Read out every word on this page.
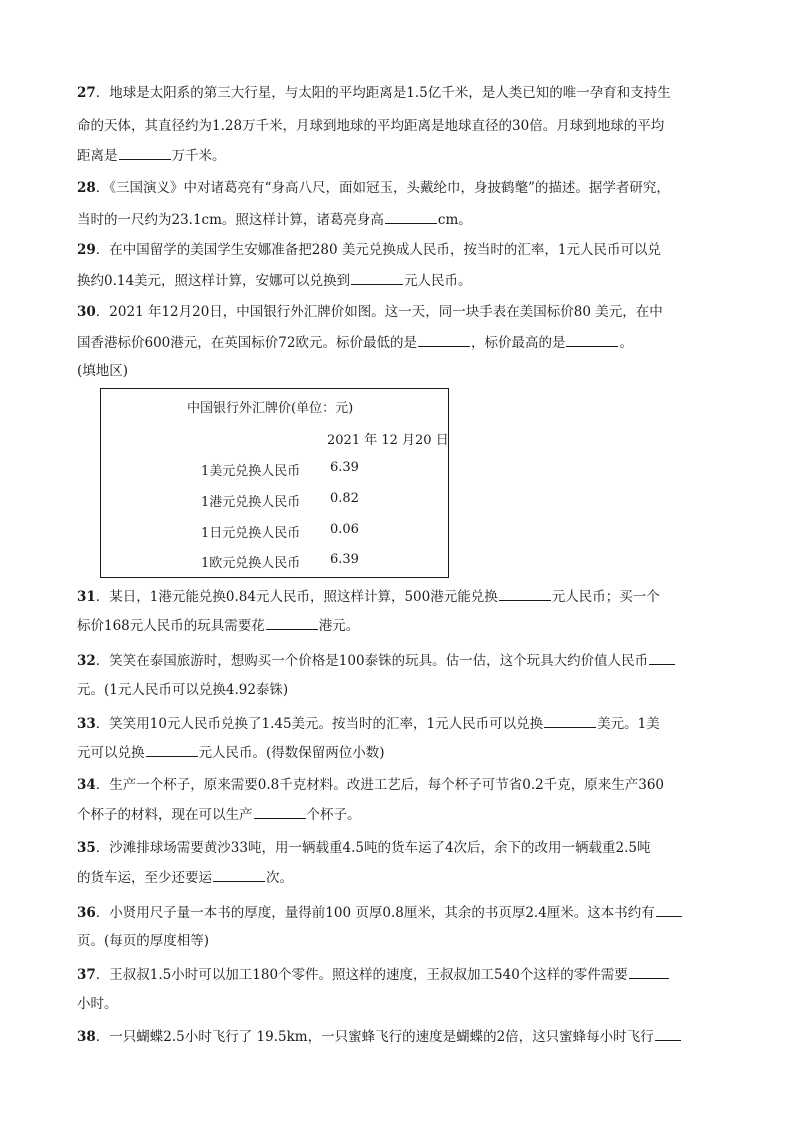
27．地球是太阳系的第三大行星，与太阳的平均距离是1.5亿千米，是人类已知的唯一孕育和支持生
命的天体，其直径约为1.28万千米，月球到地球的平均距离是地球直径的30倍。月球到地球的平均
距离是	万千米。
28．《三国演义》中对诸葛亮有“身高八尺，面如冠玉，头戴纶巾，身披鹤氅”的描述。据学者研究，
当时的一尺约为23.1cm。照这样计算，诸葛亮身高	cm。
29．在中国留学的美国学生安娜准备把280 美元兑换成人民币，按当时的汇率，1元人民币可以兑
换约0.14美元，照这样计算，安娜可以兑换到	元人民币。
30．2021 年12月20日，中国银行外汇牌价如图。这一天，同一块手表在美国标价80 美元，在中
国香港标价600港元，在英国标价72欧元。标价最低的是	，标价最高的是	。
(填地区)
中国银行外汇牌价(单位：元)
2021 年 12 月20 日
1美元兑换人民币 6.39
1港元兑换人民币 0.82
1日元兑换人民币 0.06
1欧元兑换人民币 6.39
31．某日，1港元能兑换0.84元人民币，照这样计算，500港元能兑换	元人民币；买一个
标价168元人民币的玩具需要花	港元。
32．笑笑在泰国旅游时，想购买一个价格是100泰铢的玩具。估一估，这个玩具大约价值人民币
元。(1元人民币可以兑换4.92泰铢)
33．笑笑用10元人民币兑换了1.45美元。按当时的汇率，1元人民币可以兑换	美元。1美
元可以兑换	元人民币。(得数保留两位小数)
34．生产一个杯子，原来需要0.8千克材料。改进工艺后，每个杯子可节省0.2千克，原来生产360
个杯子的材料，现在可以生产	个杯子。
35．沙滩排球场需要黄沙33吨，用一辆载重4.5吨的货车运了4次后，余下的改用一辆载重2.5吨
的货车运，至少还要运	次。
36．小贤用尺子量一本书的厚度，量得前100 页厚0.8厘米，其余的书页厚2.4厘米。这本书约有
页。(每页的厚度相等)
37．王叔叔1.5小时可以加工180个零件。照这样的速度，王叔叔加工540个这样的零件需要
小时。
38．一只蝴蝶2.5小时飞行了 19.5km，一只蜜蜂飞行的速度是蝴蝶的2倍，这只蜜蜂每小时飞行
